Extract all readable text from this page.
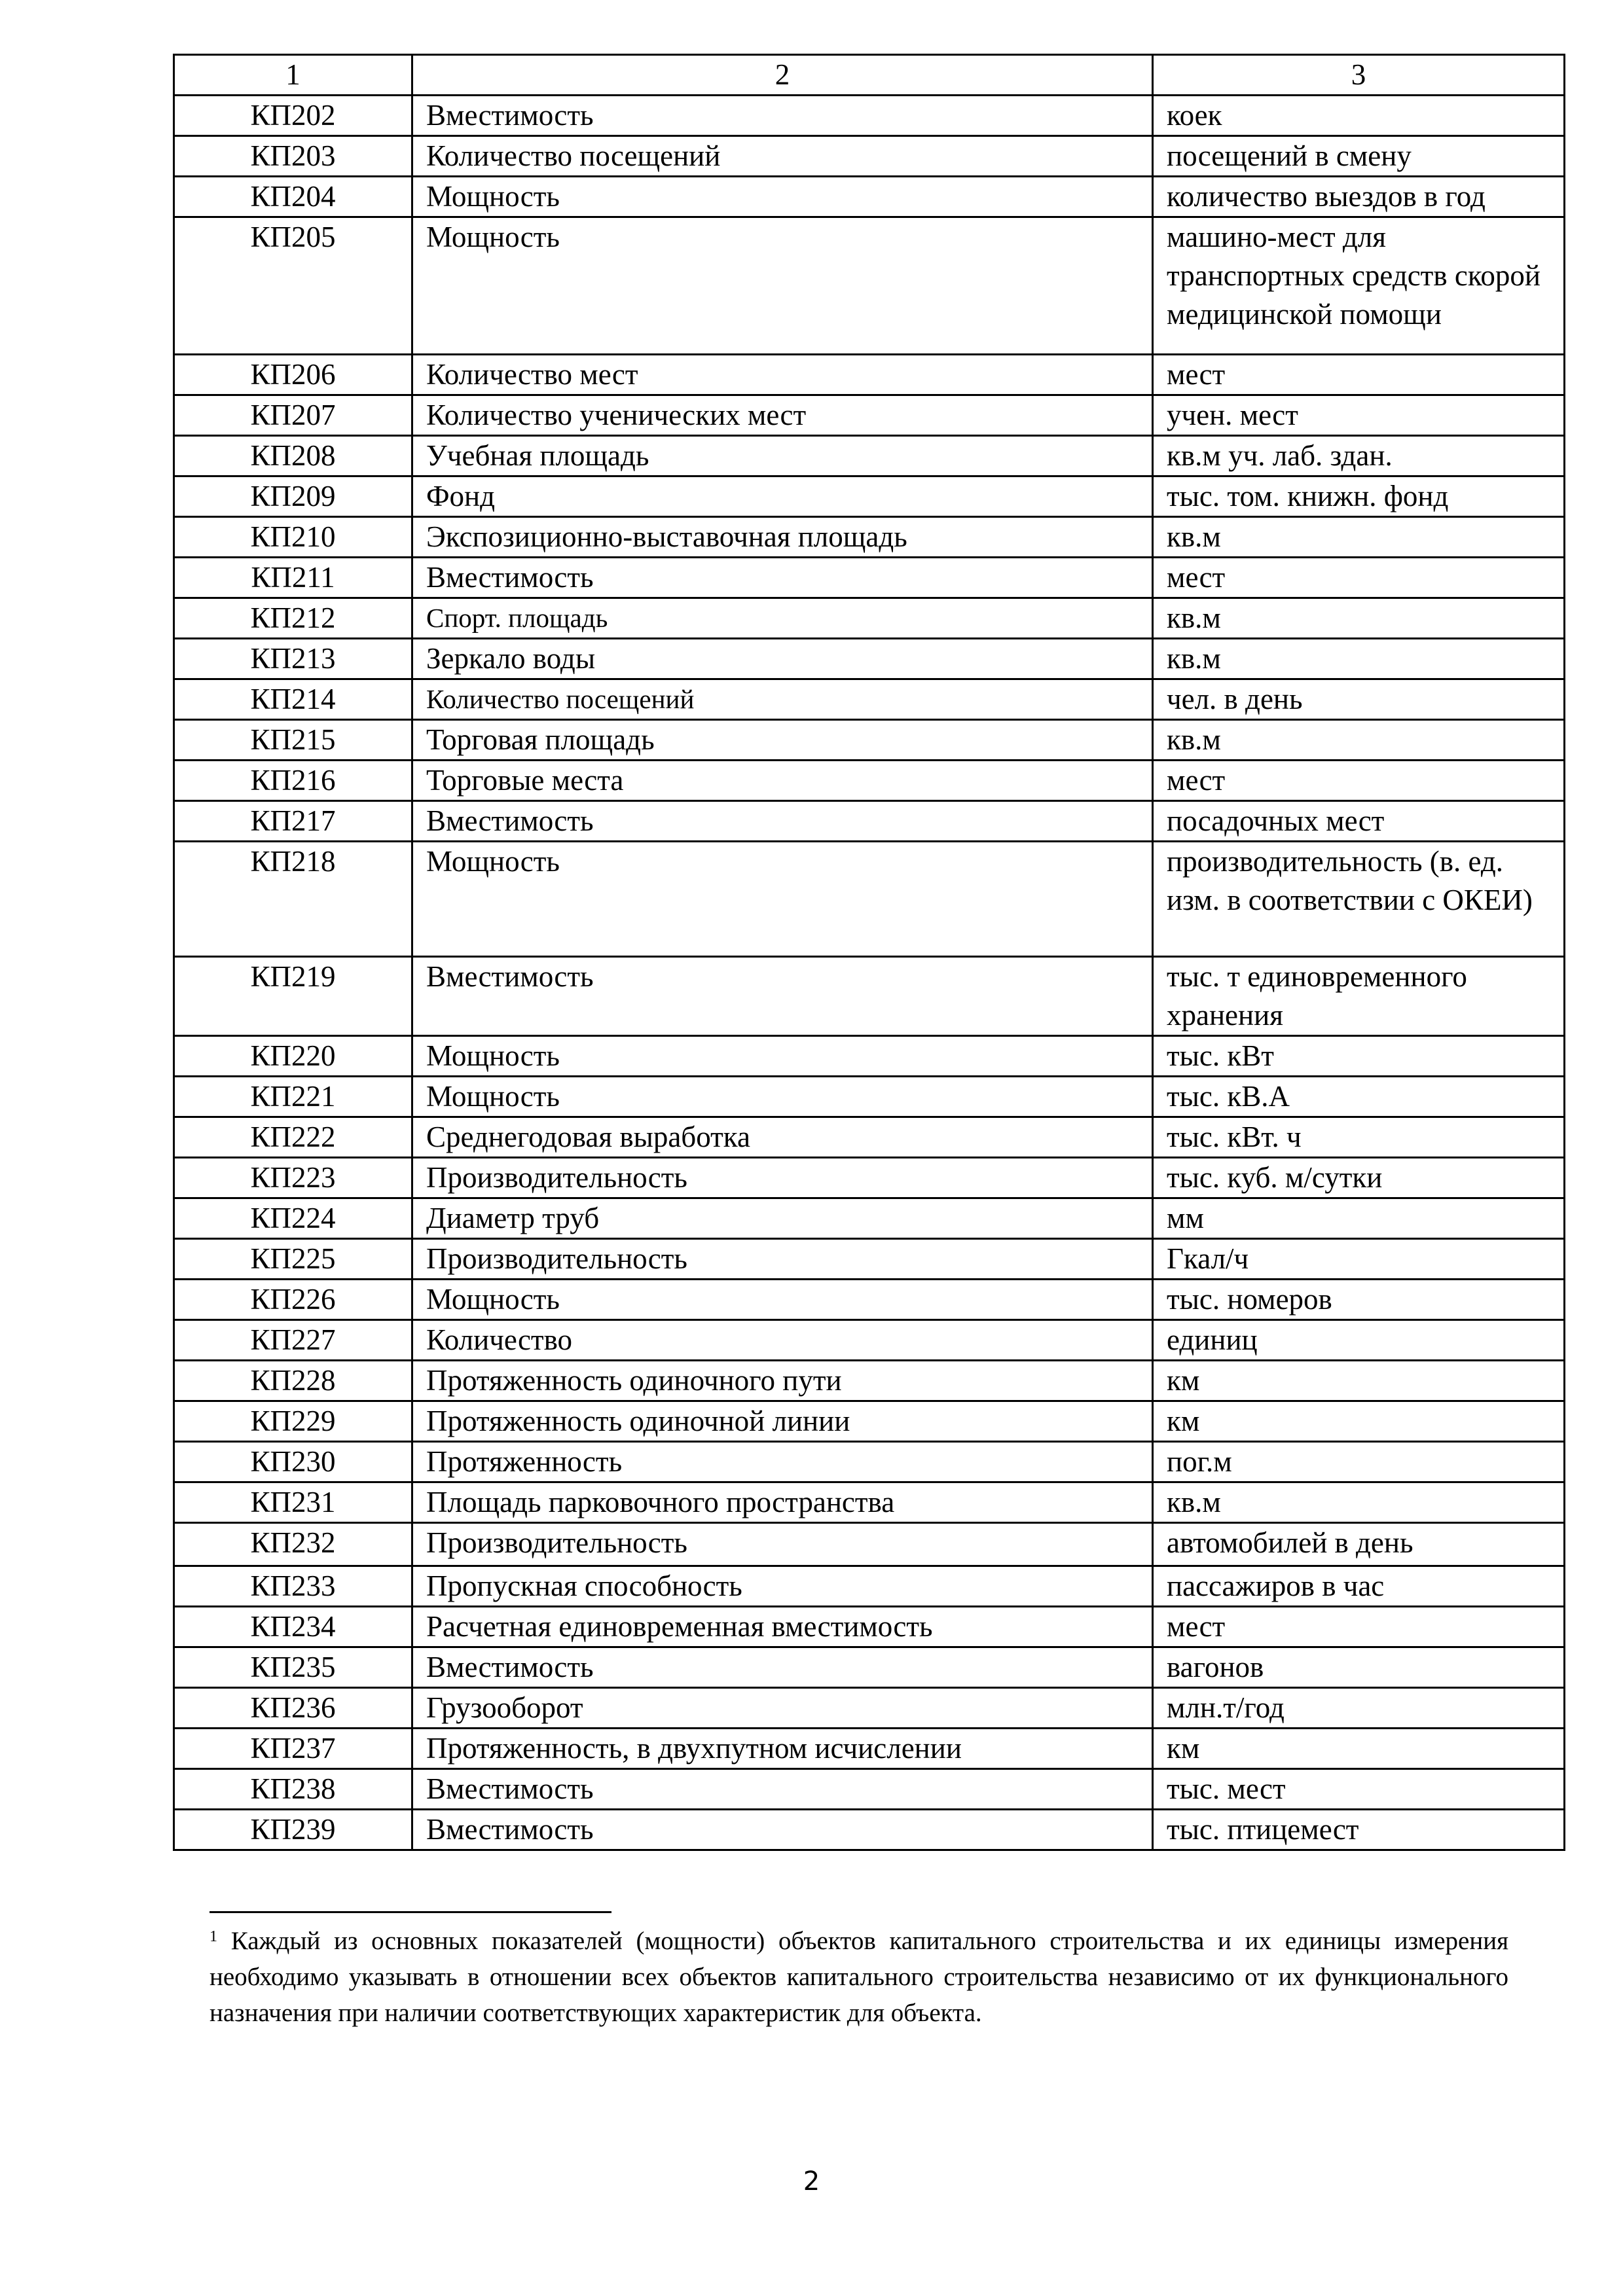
1	2	3
КП202	Вместимость	коек
КП203	Количество посещений	посещений в смену
КП204	Мощность	количество выездов в год
КП205	Мощность	машино-мест для транспортных средств скорой медицинской помощи
КП206	Количество мест	мест
КП207	Количество ученических мест	учен. мест
КП208	Учебная площадь	кв.м уч. лаб. здан.
КП209	Фонд	тыс. том. книжн. фонд
КП210	Экспозиционно-выставочная площадь	кв.м
КП211	Вместимость	мест
КП212	Спорт. площадь	кв.м
КП213	Зеркало воды	кв.м
КП214	Количество посещений	чел. в день
КП215	Торговая площадь	кв.м
КП216	Торговые места	мест
КП217	Вместимость	посадочных мест
КП218	Мощность	производительность (в. ед. изм. в соответствии с ОКЕИ)
КП219	Вместимость	тыс. т единовременного хранения
КП220	Мощность	тыс. кВт
КП221	Мощность	тыс. кВ.А
КП222	Среднегодовая выработка	тыс. кВт. ч
КП223	Производительность	тыс. куб. м/сутки
КП224	Диаметр труб	мм
КП225	Производительность	Гкал/ч
КП226	Мощность	тыс. номеров
КП227	Количество	единиц
КП228	Протяженность одиночного пути	км
КП229	Протяженность одиночной линии	км
КП230	Протяженность	пог.м
КП231	Площадь парковочного пространства	кв.м
КП232	Производительность	автомобилей в день
КП233	Пропускная способность	пассажиров в час
КП234	Расчетная единовременная вместимость	мест
КП235	Вместимость	вагонов
КП236	Грузооборот	млн.т/год
КП237	Протяженность, в двухпутном исчислении	км
КП238	Вместимость	тыс. мест
КП239	Вместимость	тыс. птицемест
$^1$ Каждый из основных показателей (мощности) объектов капитального строительства и их единицы измерения необходимо указывать в отношении всех объектов капитального строительства независимо от их функционального назначения при наличии соответствующих характеристик для объекта.
2
